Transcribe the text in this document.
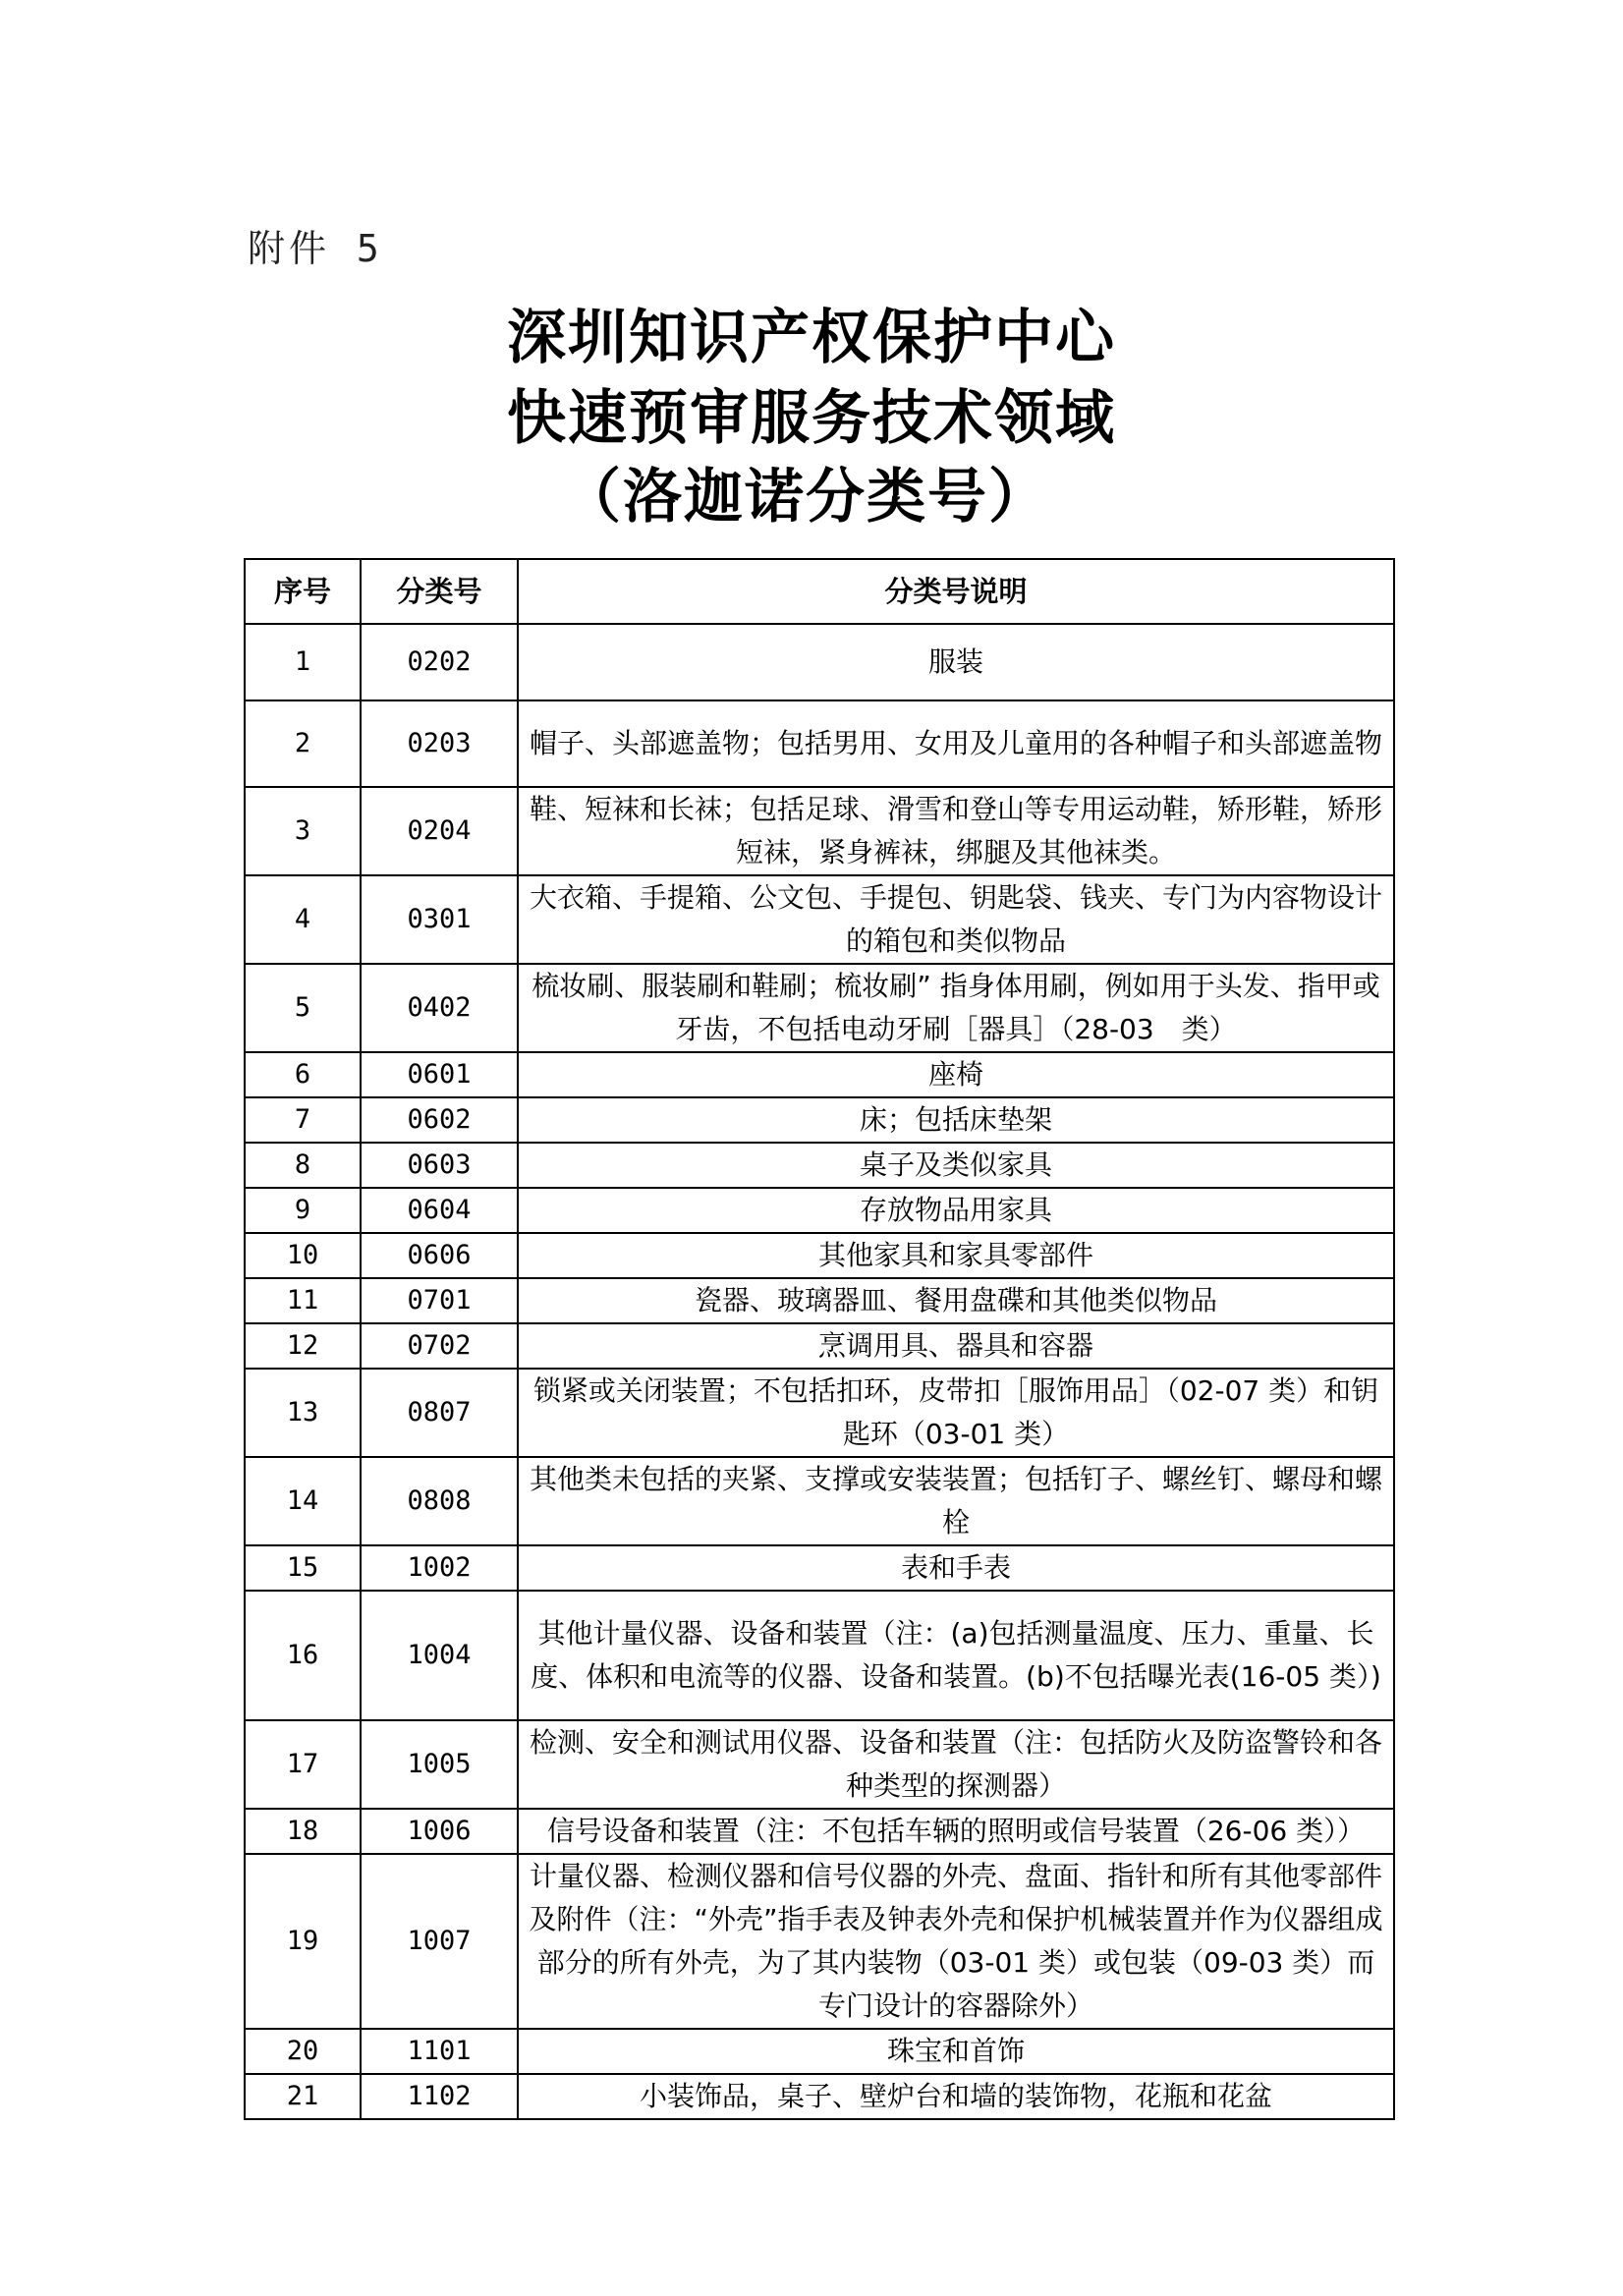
附件 5
深圳知识产权保护中心
快速预审服务技术领域
（洛迦诺分类号）
序号	分类号	分类号说明
1	0202	服装
2	0203	帽子、头部遮盖物；包括男用、女用及儿童用的各种帽子和头部遮盖物
3	0204	鞋、短袜和长袜；包括足球、滑雪和登山等专用运动鞋，矫形鞋，矫形短袜，紧身裤袜，绑腿及其他袜类。
4	0301	大衣箱、手提箱、公文包、手提包、钥匙袋、钱夹、专门为内容物设计的箱包和类似物品
5	0402	梳妆刷、服装刷和鞋刷；梳妆刷” 指身体用刷，例如用于头发、指甲或牙齿，不包括电动牙刷［器具］（28-03　类）
6	0601	座椅
7	0602	床；包括床垫架
8	0603	桌子及类似家具
9	0604	存放物品用家具
10	0606	其他家具和家具零部件
11	0701	瓷器、玻璃器皿、餐用盘碟和其他类似物品
12	0702	烹调用具、器具和容器
13	0807	锁紧或关闭装置；不包括扣环，皮带扣［服饰用品］（02-07 类）和钥匙环（03-01 类）
14	0808	其他类未包括的夹紧、支撑或安装装置；包括钉子、螺丝钉、螺母和螺栓
15	1002	表和手表
16	1004	其他计量仪器、设备和装置（注：(a)包括测量温度、压力、重量、长度、体积和电流等的仪器、设备和装置。(b)不包括曝光表(16-05 类）)
17	1005	检测、安全和测试用仪器、设备和装置（注：包括防火及防盗警铃和各种类型的探测器）
18	1006	信号设备和装置（注：不包括车辆的照明或信号装置（26-06 类））
19	1007	计量仪器、检测仪器和信号仪器的外壳、盘面、指针和所有其他零部件及附件（注：“外壳”指手表及钟表外壳和保护机械装置并作为仪器组成部分的所有外壳，为了其内装物（03-01 类）或包装（09-03 类）而专门设计的容器除外）
20	1101	珠宝和首饰
21	1102	小装饰品，桌子、壁炉台和墙的装饰物，花瓶和花盆
